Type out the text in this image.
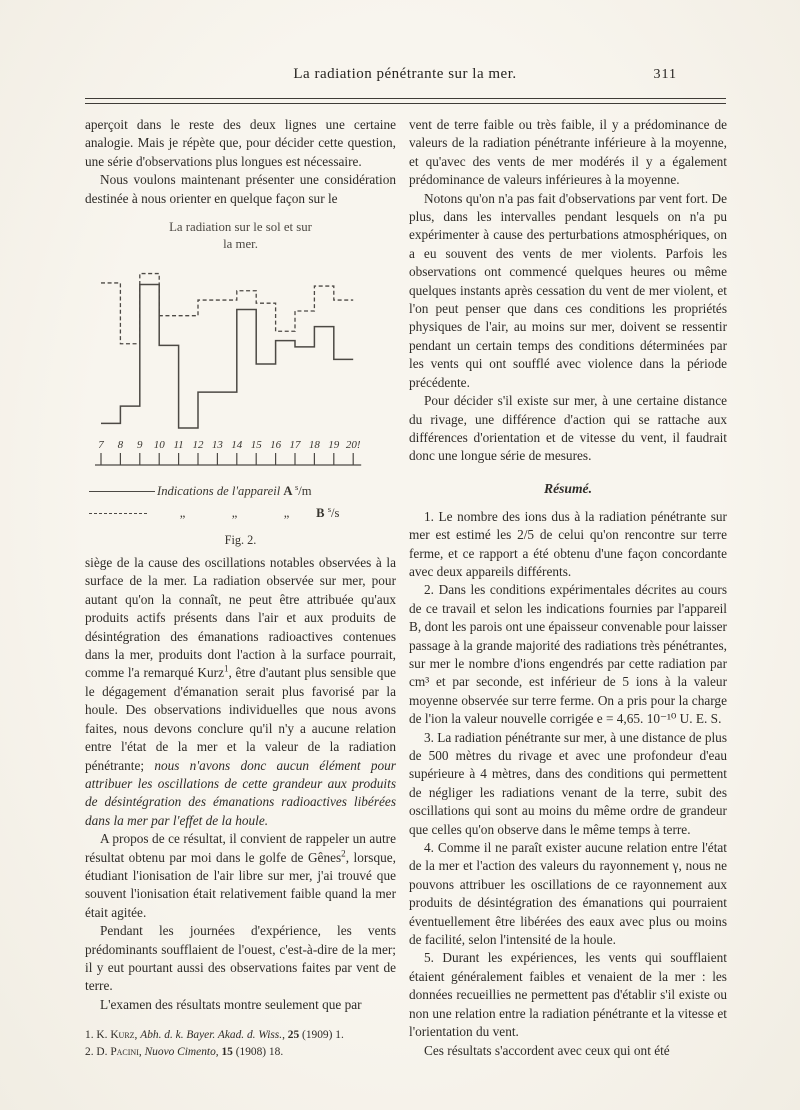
La radiation pénétrante sur la mer.	311

aperçoit dans le reste des deux lignes une certaine analogie. Mais je répète que, pour décider cette question, une série d'observations plus longues est nécessaire.

Nous voulons maintenant présenter une considération destinée à nous orienter en quelque façon sur le

La radiation sur le sol et sur
la mer.
7 8 9 10 11 12 13 14 15 16 17 18 19 20!
Indications de l'appareil A $^s$/m
„	„	„ B $^s$/s
Fig. 2.

siège de la cause des oscillations notables observées à la surface de la mer. La radiation observée sur mer, pour autant qu'on la connaît, ne peut être attribuée qu'aux produits actifs présents dans l'air et aux produits de désintégration des émanations radioactives contenues dans la mer, produits dont l'action à la surface pourrait, comme l'a remarqué Kurz$^1$, être d'autant plus sensible que le dégagement d'émanation serait plus favorisé par la houle. Des observations individuelles que nous avons faites, nous devons conclure qu'il n'y a aucune relation entre l'état de la mer et la valeur de la radiation pénétrante; nous n'avons donc aucun élément pour attribuer les oscillations de cette grandeur aux produits de désintégration des émanations radioactives libérées dans la mer par l'effet de la houle.

A propos de ce résultat, il convient de rappeler un autre résultat obtenu par moi dans le golfe de Gênes$^2$, lorsque, étudiant l'ionisation de l'air libre sur mer, j'ai trouvé que souvent l'ionisation était relativement faible quand la mer était agitée.

Pendant les journées d'expérience, les vents prédominants soufflaient de l'ouest, c'est-à-dire de la mer; il y eut pourtant aussi des observations faites par vent de terre.

L'examen des résultats montre seulement que par

1. K. Kurz, Abh. d. k. Bayer. Akad. d. Wiss., 25 (1909) 1.

2. D. Pacini, Nuovo Cimento, 15 (1908) 18.

vent de terre faible ou très faible, il y a prédominance de valeurs de la radiation pénétrante inférieure à la moyenne, et qu'avec des vents de mer modérés il y a également prédominance de valeurs inférieures à la moyenne.

Notons qu'on n'a pas fait d'observations par vent fort. De plus, dans les intervalles pendant lesquels on n'a pu expérimenter à cause des perturbations atmosphériques, on a eu souvent des vents de mer violents. Parfois les observations ont commencé quelques heures ou même quelques instants après cessation du vent de mer violent, et l'on peut penser que dans ces conditions les propriétés physiques de l'air, au moins sur mer, doivent se ressentir pendant un certain temps des conditions déterminées par les vents qui ont soufflé avec violence dans la période précédente.

Pour décider s'il existe sur mer, à une certaine distance du rivage, une différence d'action qui se rattache aux différences d'orientation et de vitesse du vent, il faudrait donc une longue série de mesures.

Résumé.

1. Le nombre des ions dus à la radiation pénétrante sur mer est estimé les 2/5 de celui qu'on rencontre sur terre ferme, et ce rapport a été obtenu d'une façon concordante avec deux appareils différents.

2. Dans les conditions expérimentales décrites au cours de ce travail et selon les indications fournies par l'appareil B, dont les parois ont une épaisseur convenable pour laisser passage à la grande majorité des radiations très pénétrantes, sur mer le nombre d'ions engendrés par cette radiation par cm³ et par seconde, est inférieur de 5 ions à la valeur moyenne observée sur terre ferme. On a pris pour la charge de l'ion la valeur nouvelle corrigée e = 4,65. 10⁻¹⁰ U. E. S.

3. La radiation pénétrante sur mer, à une distance de plus de 500 mètres du rivage et avec une profondeur d'eau supérieure à 4 mètres, dans des conditions qui permettent de négliger les radiations venant de la terre, subit des oscillations qui sont au moins du même ordre de grandeur que celles qu'on observe dans le même temps à terre.

4. Comme il ne paraît exister aucune relation entre l'état de la mer et l'action des valeurs du rayonnement γ, nous ne pouvons attribuer les oscillations de ce rayonnement aux produits de désintégration des émanations qui pourraient éventuellement être libérées des eaux avec plus ou moins de facilité, selon l'intensité de la houle.

5. Durant les expériences, les vents qui soufflaient étaient généralement faibles et venaient de la mer : les données recueillies ne permettent pas d'établir s'il existe ou non une relation entre la radiation pénétrante et la vitesse et l'orientation du vent.

Ces résultats s'accordent avec ceux qui ont été
